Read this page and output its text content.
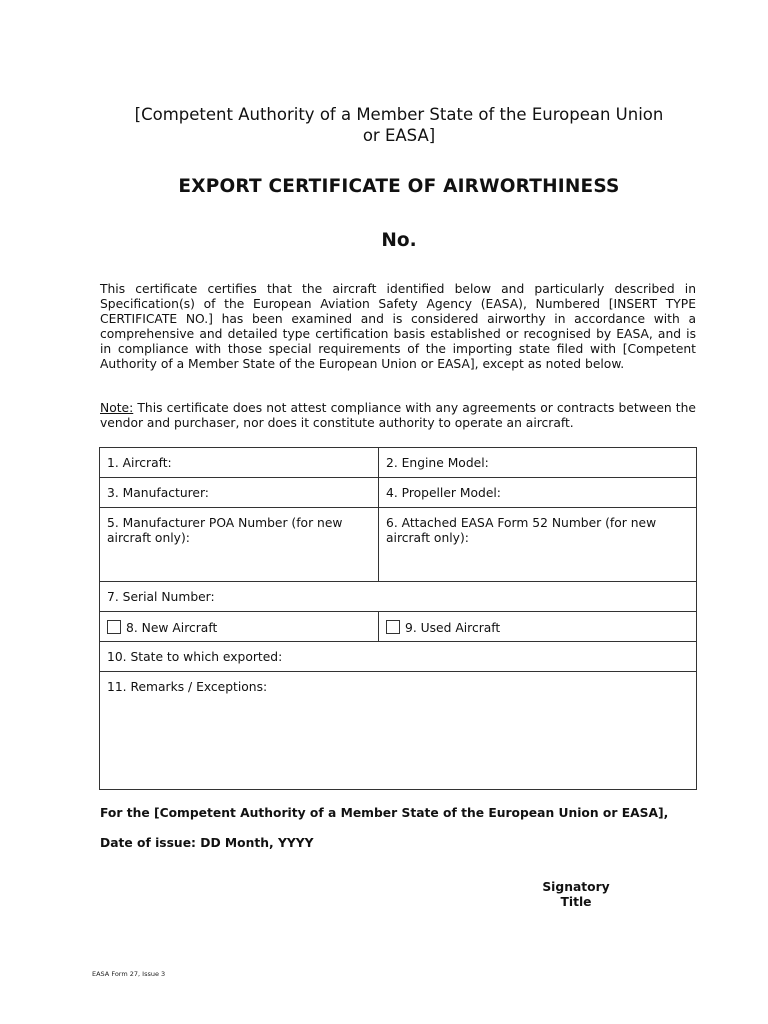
[Competent Authority of a Member State of the European Union
or EASA]
EXPORT CERTIFICATE OF AIRWORTHINESS
No.
This certificate certifies that the aircraft identified below and particularly described in Specification(s) of the European Aviation Safety Agency (EASA), Numbered [INSERT TYPE CERTIFICATE NO.] has been examined and is considered airworthy in accordance with a comprehensive and detailed type certification basis established or recognised by EASA, and is in compliance with those special requirements of the importing state filed with [Competent Authority of a Member State of the European Union or EASA], except as noted below.
Note: This certificate does not attest compliance with any agreements or contracts between the vendor and purchaser, nor does it constitute authority to operate an aircraft.
1. Aircraft:	2. Engine Model:
3. Manufacturer:	4. Propeller Model:
5. Manufacturer POA Number (for new aircraft only):	6. Attached EASA Form 52 Number (for new aircraft only):
7. Serial Number:	
8. New Aircraft	9. Used Aircraft
10. State to which exported:	
11. Remarks / Exceptions:	
For the [Competent Authority of a Member State of the European Union or EASA],
Date of issue: DD Month, YYYY
Signatory
Title
EASA Form 27, Issue 3
